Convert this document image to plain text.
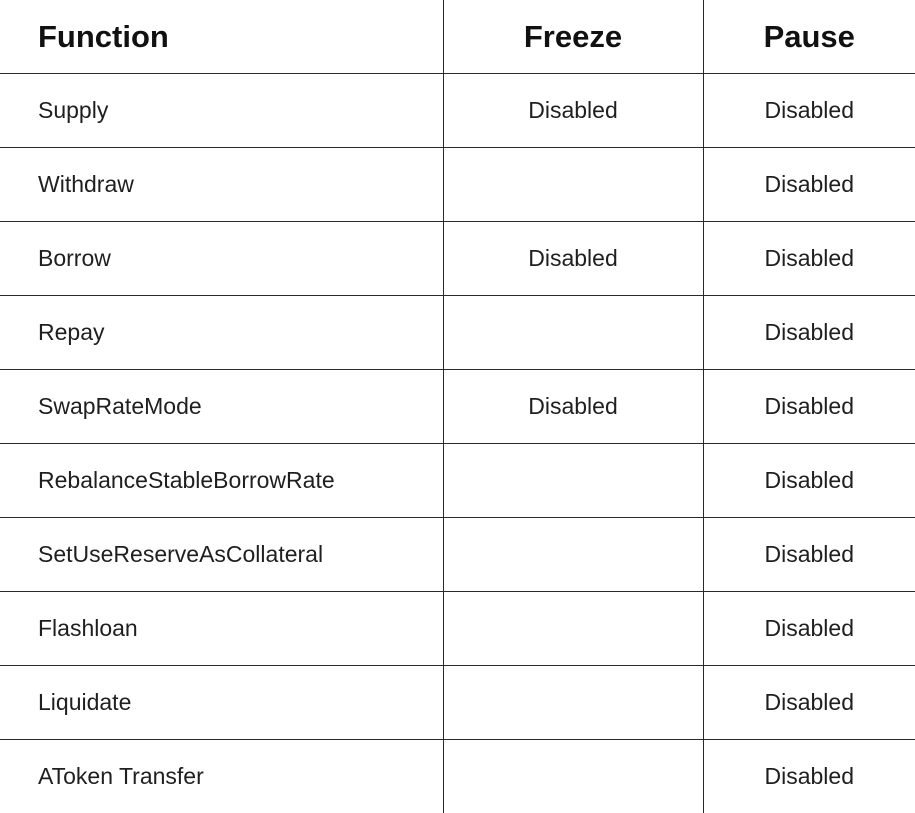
Function	Freeze	Pause
Supply	Disabled	Disabled
Withdraw		Disabled
Borrow	Disabled	Disabled
Repay		Disabled
SwapRateMode	Disabled	Disabled
RebalanceStableBorrowRate		Disabled
SetUseReserveAsCollateral		Disabled
Flashloan		Disabled
Liquidate		Disabled
AToken Transfer		Disabled
